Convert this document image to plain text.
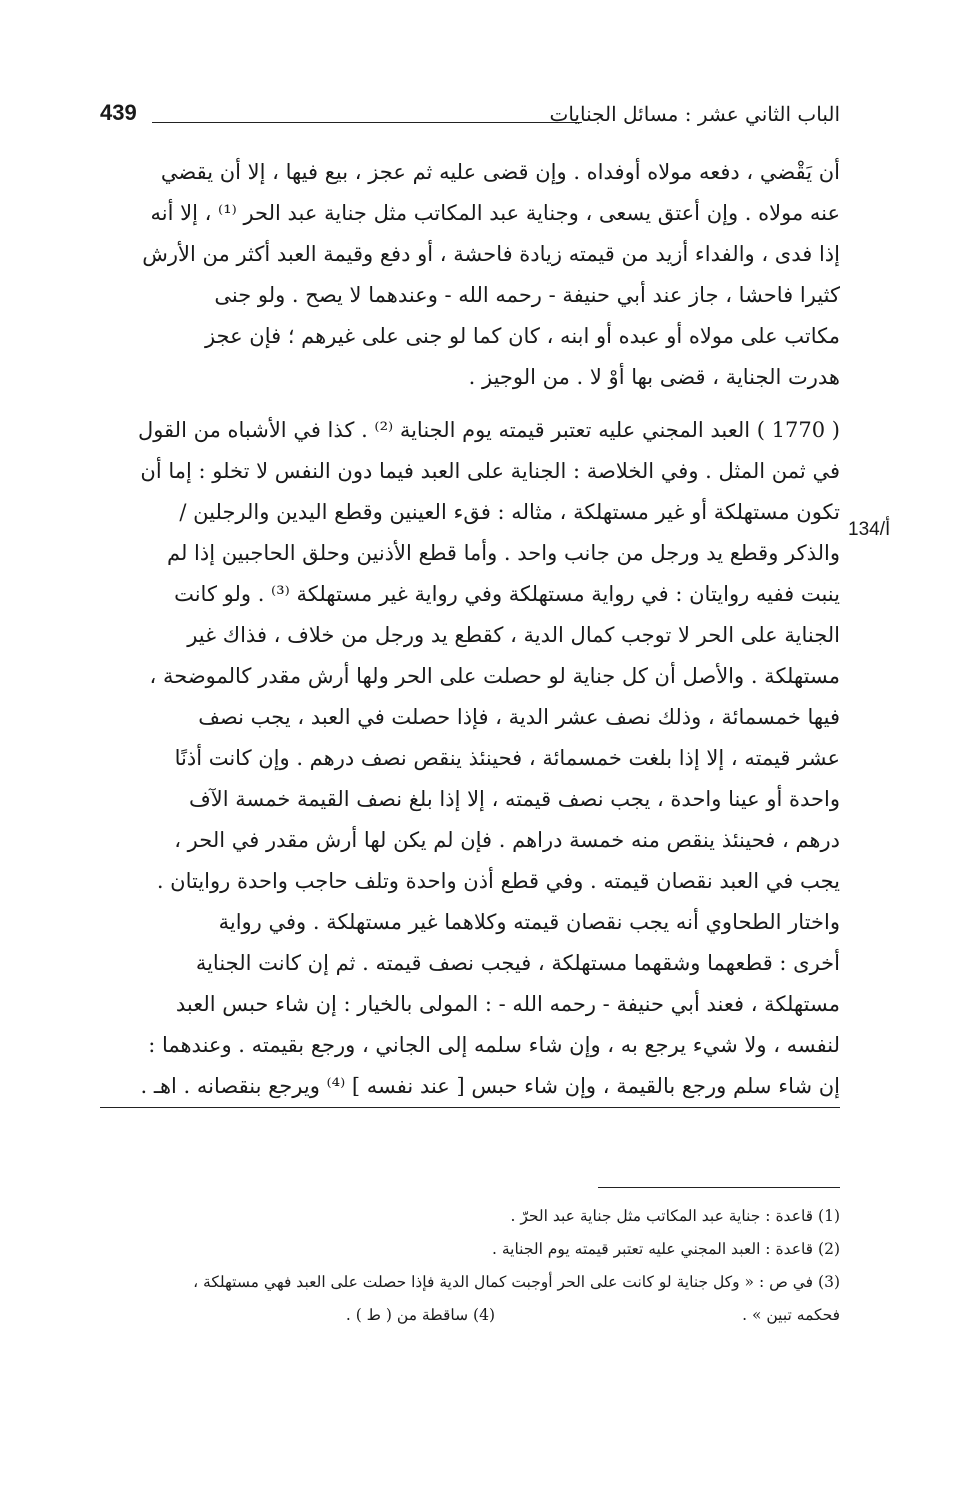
الباب الثاني عشر : مسائل الجنايات
439
134/أ
أن يَقْضي ، دفعه مولاه أوفداه . وإن قضى عليه ثم عجز ، بيع فيها ، إلا أن يقضي
عنه مولاه . وإن أعتق يسعى ، وجناية عبد المكاتب مثل جناية عبد الحر ⁽¹⁾ ، إلا أنه
إذا فدى ، والفداء أزيد من قيمته زيادة فاحشة ، أو دفع وقيمة العبد أكثر من الأرش
كثيرا فاحشا ، جاز عند أبي حنيفة - رحمه الله - وعندهما لا يصح . ولو جنى
مكاتب على مولاه أو عبده أو ابنه ، كان كما لو جنى على غيرهم ؛ فإن عجز
هدرت الجناية ، قضى بها أوْ لا . من الوجيز .
( 1770 ) العبد المجني عليه تعتبر قيمته يوم الجناية ⁽²⁾ . كذا في الأشباه من القول
في ثمن المثل . وفي الخلاصة : الجناية على العبد فيما دون النفس لا تخلو : إما أن
تكون مستهلكة أو غير مستهلكة ، مثاله : فقء العينين وقطع اليدين والرجلين /
والذكر وقطع يد ورجل من جانب واحد . وأما قطع الأذنين وحلق الحاجبين إذا لم
ينبت ففيه روايتان : في رواية مستهلكة وفي رواية غير مستهلكة ⁽³⁾ . ولو كانت
الجناية على الحر لا توجب كمال الدية ، كقطع يد ورجل من خلاف ، فذاك غير
مستهلكة . والأصل أن كل جناية لو حصلت على الحر ولها أرش مقدر كالموضحة ،
فيها خمسمائة ، وذلك نصف عشر الدية ، فإذا حصلت في العبد ، يجب نصف
عشر قيمته ، إلا إذا بلغت خمسمائة ، فحينئذ ينقص نصف درهم . وإن كانت أذنًا
واحدة أو عينا واحدة ، يجب نصف قيمته ، إلا إذا بلغ نصف القيمة خمسة الآف
درهم ، فحينئذ ينقص منه خمسة دراهم . فإن لم يكن لها أرش مقدر في الحر ،
يجب في العبد نقصان قيمته . وفي قطع أذن واحدة وتلف حاجب واحدة روايتان .
واختار الطحاوي أنه يجب نقصان قيمته وكلاهما غير مستهلكة . وفي رواية
أخرى : قطعهما وشقهما مستهلكة ، فيجب نصف قيمته . ثم إن كانت الجناية
مستهلكة ، فعند أبي حنيفة - رحمه الله - : المولى بالخيار : إن شاء حبس العبد
لنفسه ، ولا شيء يرجع به ، وإن شاء سلمه إلى الجاني ، ورجع بقيمته . وعندهما :
إن شاء سلم ورجع بالقيمة ، وإن شاء حبس [ عند نفسه ] ⁽⁴⁾ ويرجع بنقصانه . اهـ .
(1) قاعدة : جناية عبد المكاتب مثل جناية عبد الحرّ .
(2) قاعدة : العبد المجني عليه تعتبر قيمته يوم الجناية .
(3) في ص : « وكل جناية لو كانت على الحر أوجبت كمال الدية فإذا حصلت على العبد فهي مستهلكة ،
فحكمه تبين » .
(4) ساقطة من ( ط ) .
